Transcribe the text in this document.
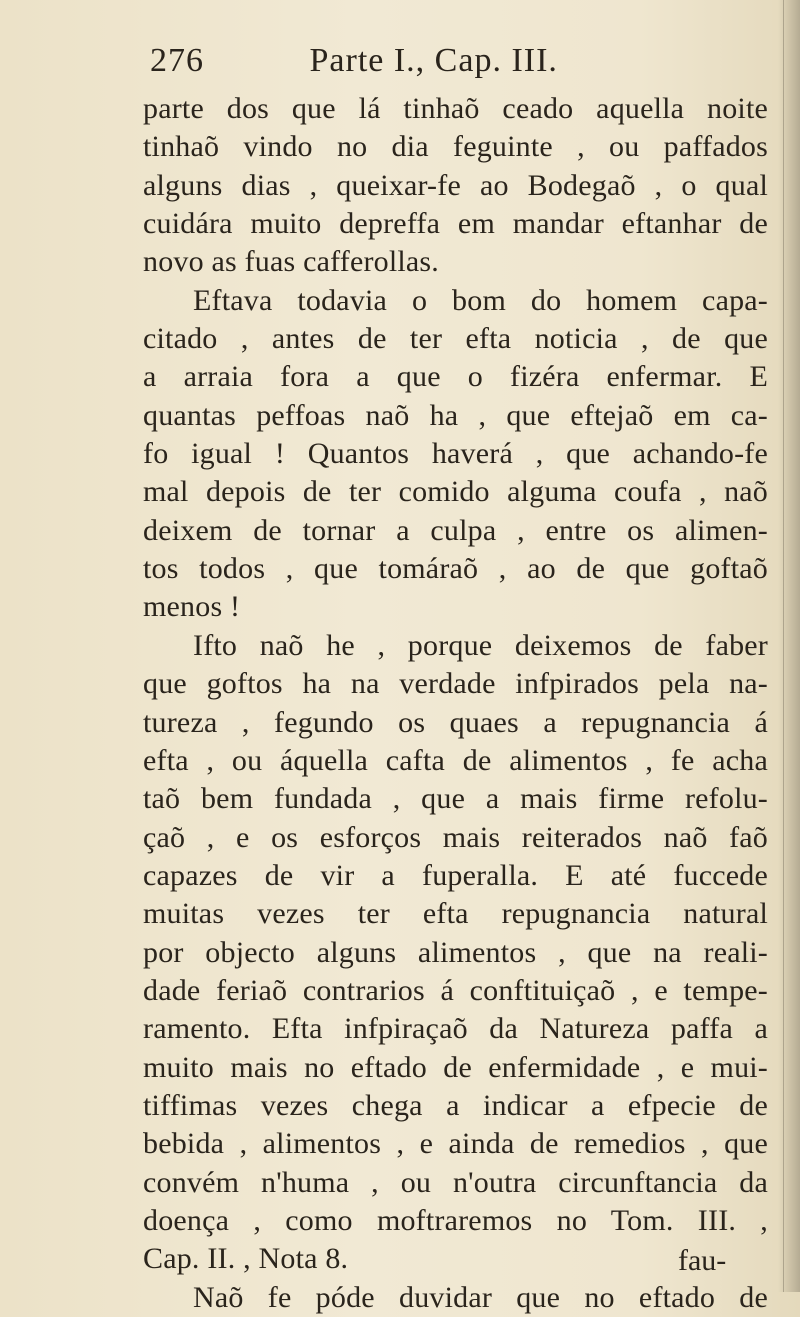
276	Parte I., Cap. III.
parte dos que lá tinhaõ ceado aquella noite
tinhaõ vindo no dia feguinte , ou paffados
alguns dias , queixar-fe ao Bodegaõ , o qual
cuidára muito depreffa em mandar eftanhar de
novo as fuas cafferollas.
Eftava todavia o bom do homem capa-
citado , antes de ter efta noticia , de que
a arraia fora a que o fizéra enfermar. E
quantas peffoas naõ ha , que eftejaõ em ca-
fo igual ! Quantos haverá , que achando-fe
mal depois de ter comido alguma coufa , naõ
deixem de tornar a culpa , entre os alimen-
tos todos , que tomáraõ , ao de que goftaõ
menos !
Ifto naõ he , porque deixemos de faber
que goftos ha na verdade infpirados pela na-
tureza , fegundo os quaes a repugnancia á
efta , ou áquella cafta de alimentos , fe acha
taõ bem fundada , que a mais firme refolu-
çaõ , e os esforços mais reiterados naõ faõ
capazes de vir a fuperalla. E até fuccede
muitas vezes ter efta repugnancia natural
por objecto alguns alimentos , que na reali-
dade feriaõ contrarios á conftituiçaõ , e tempe-
ramento. Efta infpiraçaõ da Natureza paffa a
muito mais no eftado de enfermidade , e mui-
tiffimas vezes chega a indicar a efpecie de
bebida , alimentos , e ainda de remedios , que
convém n'huma , ou n'outra circunftancia da
doença , como moftraremos no Tom. III. ,
Cap. II. , Nota 8.
Naõ fe póde duvidar que no eftado de
fau-
